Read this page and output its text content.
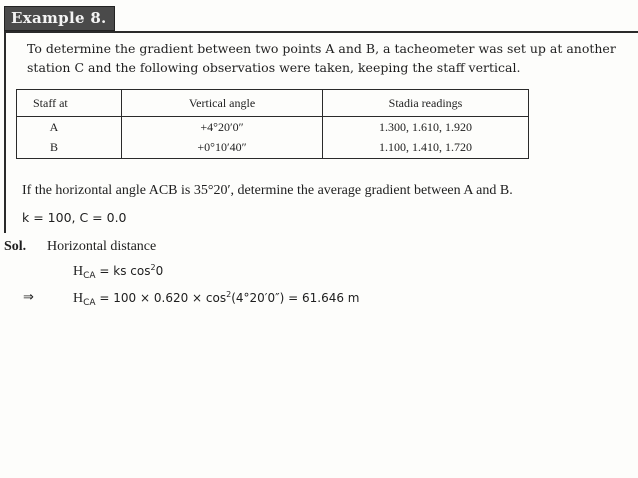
Example 8.
To determine the gradient between two points A and B, a tacheometer was set up at another
station C and the following observatios were taken, keeping the staff vertical.
Staff at	Vertical angle	Stadia readings
A	+4°20′0″	1.300, 1.610, 1.920
B	+0°10′40″	1.100, 1.410, 1.720
If the horizontal angle ACB is 35°20′, determine the average gradient between A and B.
k = 100, C = 0.0
Sol. Horizontal distance
$H_{CA}$ = ks $\cos^20$
⇒	$H_{CA} = 100 \times 0.620 \times \cos^2(4^\circ 20'0'') = 61.646$ m
